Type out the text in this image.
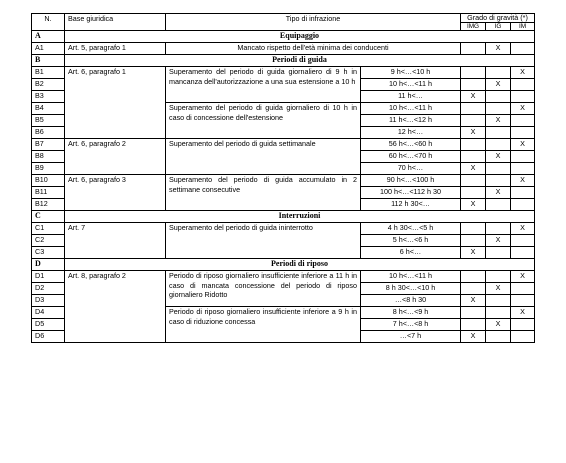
N.	Base giuridica	Tipo di infrazione		Grado di gravità (*)		
				IMG	IG	IM
A	Equipaggio					
A1	Art. 5, paragrafo 1	Mancato rispetto dell'età minima dei conducenti			X	
B	Periodi di guida					
B1	Art. 6, paragrafo 1	Superamento del periodo di guida giornaliero di 9 h in mancanza dell'autorizzazione a una sua estensione a 10 h	9 h<…<10 h			X
B2			10 h<…<11 h		X	
B3			11 h<…	X		
B4		Superamento del periodo di guida giornaliero di 10 h in caso di concessione dell'estensione	10 h<…<11 h			X
B5			11 h<…<12 h		X	
B6			12 h<…	X		
B7	Art. 6, paragrafo 2	Superamento del periodo di guida settimanale	56 h<…<60 h			X
B8			60 h<…<70 h		X	
B9			70 h<…	X		
B10	Art. 6, paragrafo 3	Superamento del periodo di guida accumulato in 2 settimane consecutive	90 h<…<100 h			X
B11			100 h<…<112 h 30		X	
B12			112 h 30<…	X		
C	Interruzioni					
C1	Art. 7	Superamento del periodo di guida ininterrotto	4 h 30<…<5 h			X
C2			5 h<…<6 h		X	
C3			6 h<…	X		
D	Periodi di riposo					
D1	Art. 8, paragrafo 2	Periodo di riposo giornaliero insufficiente inferiore a 11 h in caso di mancata concessione del periodo di riposo giornaliero Ridotto	10 h<…<11 h			X
D2			8 h 30<…<10 h		X	
D3			…<8 h 30	X		
D4		Periodo di riposo giornaliero insufficiente inferiore a 9 h in caso di riduzione concessa	8 h<…<9 h			X
D5			7 h<…<8 h		X	
D6			…<7 h	X		
